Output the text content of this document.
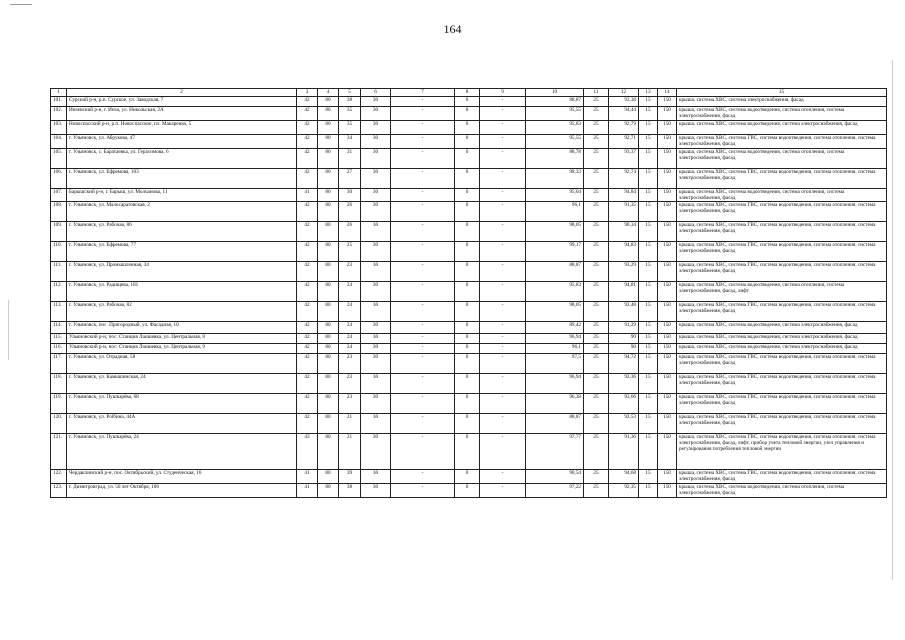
164
1	2	3	4	5	6	7	8	9	10	11	12	13	14	15
101.	Сурский р-н, р.п. Сурское, ул. Заводская, 7	42	80	38	30	-	0	-	88,87	25	93,38	15	150	крыша, система ХВС, система электроснабжения, фасад
102.	Инзенский р-н, г. Инза, ул. Никольская, 2А	42	80	35	30	-	0	-	95,55	25	94,44	15	150	крыша, система ХВС, система водоотведения, система отопления, система электроснабжения, фасад
103.	Новоспасский р-н, р.п. Новоспасское, пл. Макаренко, 5	42	80	35	30	-	0	-	95,83	25	92,79	15	150	крыша, система ХВС, система водоотведения, система электроснабжения, фасад
104.	г. Ульяновск, ул. Абрукова, 47	42	80	34	30	-	0	-	95,55	25	92,71	15	150	крыша, система ХВС, система ГВС, система водоотведения, система отопления, система электроснабжения, фасад
105.	г. Ульяновск, с. Баратаевка, ул. Герасимова, 6	42	80	31	30	-	0	-	88,78	25	93,37	15	150	крыша, система ХВС, система водоотведения, система отопления, система электроснабжения, фасад
106.	г. Ульяновск, ул. Ефремова, 103	42	80	27	30	-	0	-	98,33	25	92,74	15	150	крыша, система ХВС, система ГВС, система водоотведения, система отопления, система электроснабжения, фасад
107.	Барышский р-н, г. Барыш, ул. Молчанова, 11	41	80	30	30	-	0	-	95,04	25	94,84	15	150	крыша, система ХВС, система водоотведения, система отопления, система электроснабжения, фасад
108.	г. Ульяновск, ул. Малосаратовская, 2	42	80	26	30	-	0	-	96,1	25	91,35	15	150	крыша, система ХВС, система ГВС, система водоотведения, система отопления, система электроснабжения, фасад
109.	г. Ульяновск, ул. Рабочая, 86	42	80	26	30	-	0	-	98,05	25	90,34	15	150	крыша, система ХВС, система ГВС, система водоотведения, система отопления, система электроснабжения, фасад
110.	г. Ульяновск, ул. Ефремова, 77	42	80	25	30	-	0	-	99,17	25	94,83	15	150	крыша, система ХВС, система ГВС, система водоотведения, система отопления, система электроснабжения, фасад
111.	г. Ульяновск, ул. Промышленная, 34	42	80	23	30	-	0	-	88,87	25	93,29	15	150	крыша, система ХВС, система ГВС, система водоотведения, система отопления, система электроснабжения, фасад
112.	г. Ульяновск, ул. Радищева, 181	42	80	24	30	-	0	-	95,83	25	94,81	15	150	крыша, система ХВС, система водоотведения, система отопления, система электроснабжения, фасад, лифт
113.	г. Ульяновск, ул. Рабочая, 82	42	80	24	30	-	0	-	98,05	25	92,48	15	150	крыша, система ХВС, система ГВС, система водоотведения, система отопления, система электроснабжения, фасад
114.	г. Ульяновск, пос. Пригородный, ул. Фасадная, 10	42	80	24	30	-	0	-	89,42	25	91,29	15	150	крыша, система ХВС, система водоотведения, система электроснабжения, фасад
115.	Ульяновский р-н, пос. Станция Лаишевка, ул. Центральная, 8	42	80	24	30	-	0	-	96,94	25	90	15	150	крыша, система ХВС, система водоотведения, система электроснабжения, фасад
116.	Ульяновский р-н, пос. Станция Лаишевка, ул. Центральная, 9	42	80	24	30	-	0	-	96,1	25	90	15	150	крыша, система ХВС, система водоотведения, система электроснабжения, фасад
117.	г. Ульяновск, ул. Отрадная, 58	42	80	23	30	-	0	-	97,5	25	94,72	15	150	крыша, система ХВС, система ГВС, система водоотведения, система отопления, система электроснабжения, фасад
118.	г. Ульяновск, ул. Камышинская, 24	42	80	23	30	-	0	-	96,94	25	92,36	15	150	крыша, система ХВС, система ГВС, система водоотведения, система отопления, система электроснабжения, фасад
119.	г. Ульяновск, ул. Пушкарёва, 68	42	80	23	30	-	0	-	96,38	25	93,66	15	150	крыша, система ХВС, система ГВС, система водоотведения, система отопления, система электроснабжения, фасад
120.	г. Ульяновск, ул. Polбина, 44А	42	80	21	30	-	0	-	88,87	25	92,53	15	150	крыша, система ХВС, система ГВС, система водоотведения, система отопления, система электроснабжения, фасад
121.	г. Ульяновск, ул. Пушкарёва, 24	43	80	21	30	-	0	-	97,77	25	91,36	15	150	крыша, система ХВС, система ГВС, система водоотведения, система отопления, система электроснабжения, фасад, лифт, прибор учета тепловой энергии, узел управления и регулирования потребления тепловой энергии
122.	Чердаклинский р-н, пос. Октябрьский, ул. Студенческая, 16	41	80	39	30	-	0	-	90,54	25	94,68	15	150	крыша, система ХВС, система ГВС, система водоотведения, система отопления, система электроснабжения, фасад
123.	г. Димитровград, ул. 50 лет Октября, 106	41	80	38	30	-	0	-	97,22	25	92,35	15	150	крыша, система ХВС, система водоотведения, система отопления, система электроснабжения, фасад
